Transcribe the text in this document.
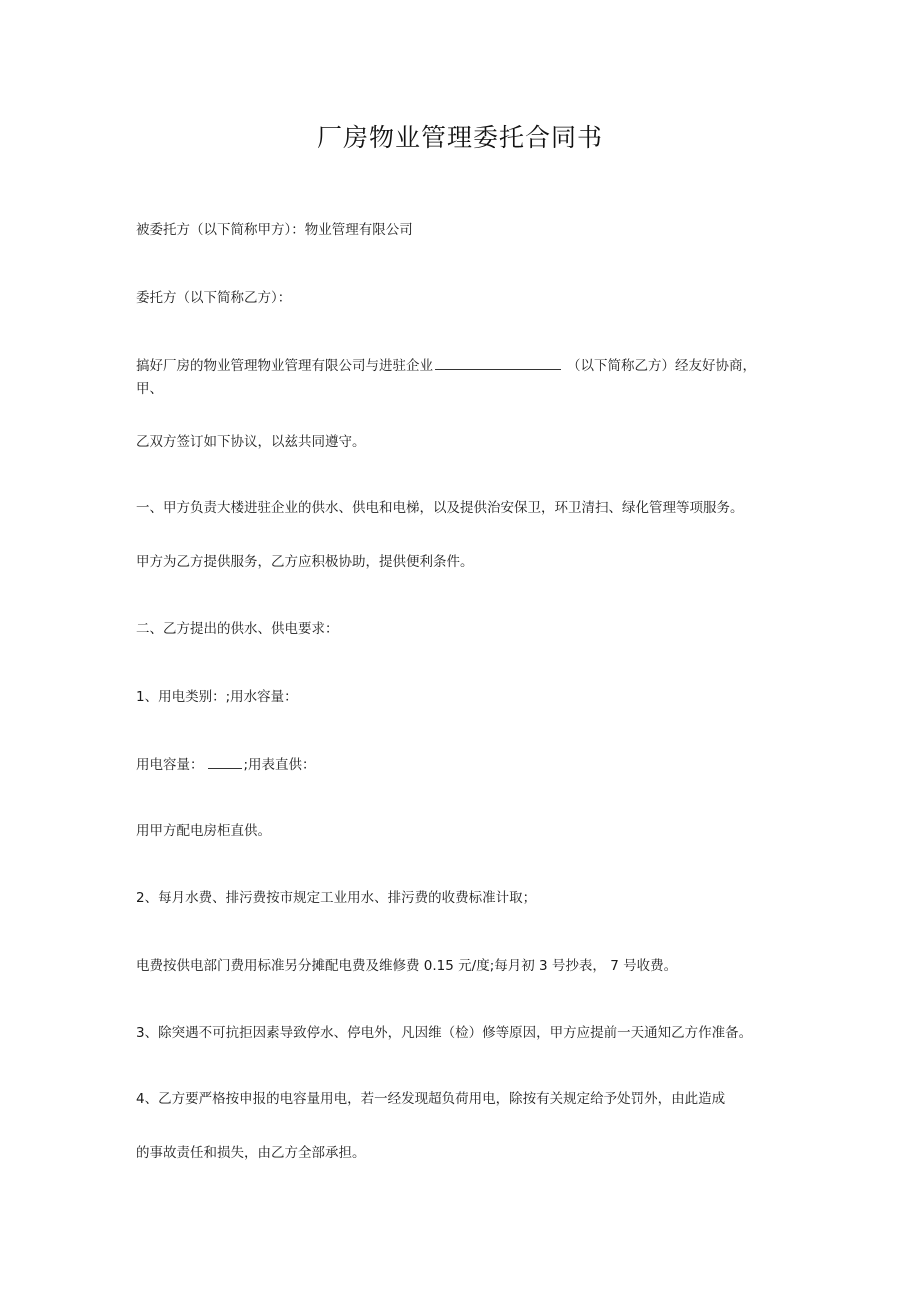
厂房物业管理委托合同书
被委托方（以下简称甲方）：物业管理有限公司
委托方（以下简称乙方）：
搞好厂房的物业管理物业管理有限公司与进驻企业	（以下简称乙方）经友好协商，
甲、
乙双方签订如下协议，以兹共同遵守。
一、甲方负责大楼进驻企业的供水、供电和电梯，以及提供治安保卫，环卫清扫、绿化管理等项服务。
甲方为乙方提供服务，乙方应积极协助，提供便利条件。
二、乙方提出的供水、供电要求：
1、用电类别：;用水容量：
用电容量：	;用表直供：
用甲方配电房柜直供。
2、每月水费、排污费按市规定工业用水、排污费的收费标准计取；
电费按供电部门费用标准另分摊配电费及维修费 0.15 元/度;每月初 3 号抄表， 7 号收费。
3、除突遇不可抗拒因素导致停水、停电外，凡因维（检）修等原因，甲方应提前一天通知乙方作准备。
4、乙方要严格按申报的电容量用电，若一经发现超负荷用电，除按有关规定给予处罚外，由此造成
的事故责任和损失，由乙方全部承担。
